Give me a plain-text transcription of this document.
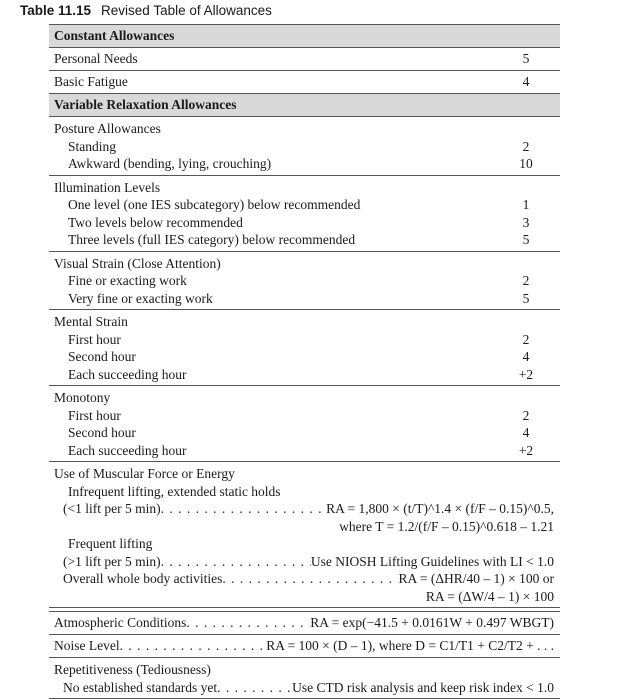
Table 11.15 Revised Table of Allowances
Constant Allowances
Personal Needs	5
Basic Fatigue	4
Variable Relaxation Allowances
Posture Allowances
Standing	2
Awkward (bending, lying, crouching)	10
Illumination Levels
One level (one IES subcategory) below recommended	1
Two levels below recommended	3
Three levels (full IES category) below recommended	5
Visual Strain (Close Attention)
Fine or exacting work	2
Very fine or exacting work	5
Mental Strain
First hour	2
Second hour	4
Each succeeding hour	+2
Monotony
First hour	2
Second hour	4
Each succeeding hour	+2
Use of Muscular Force or Energy
Infrequent lifting, extended static holds
(<1 lift per 5 min) . . .	RA = 1,800 × (t/T)^1.4 × (f/F – 0.15)^0.5,
where T = 1.2/(f/F – 0.15)^0.618 – 1.21
Frequent lifting
(>1 lift per 5 min) . . .	Use NIOSH Lifting Guidelines with LI < 1.0
Overall whole body activities . . .	RA = (ΔHR/40 – 1) × 100 or
RA = (ΔW/4 – 1) × 100
Atmospheric Conditions . . .	RA = exp(−41.5 + 0.0161W + 0.497 WBGT)
Noise Level . . .	RA = 100 × (D – 1), where D = C1/T1 + C2/T2 + . . .
Repetitiveness (Tediousness)
No established standards yet . . .	Use CTD risk analysis and keep risk index < 1.0
